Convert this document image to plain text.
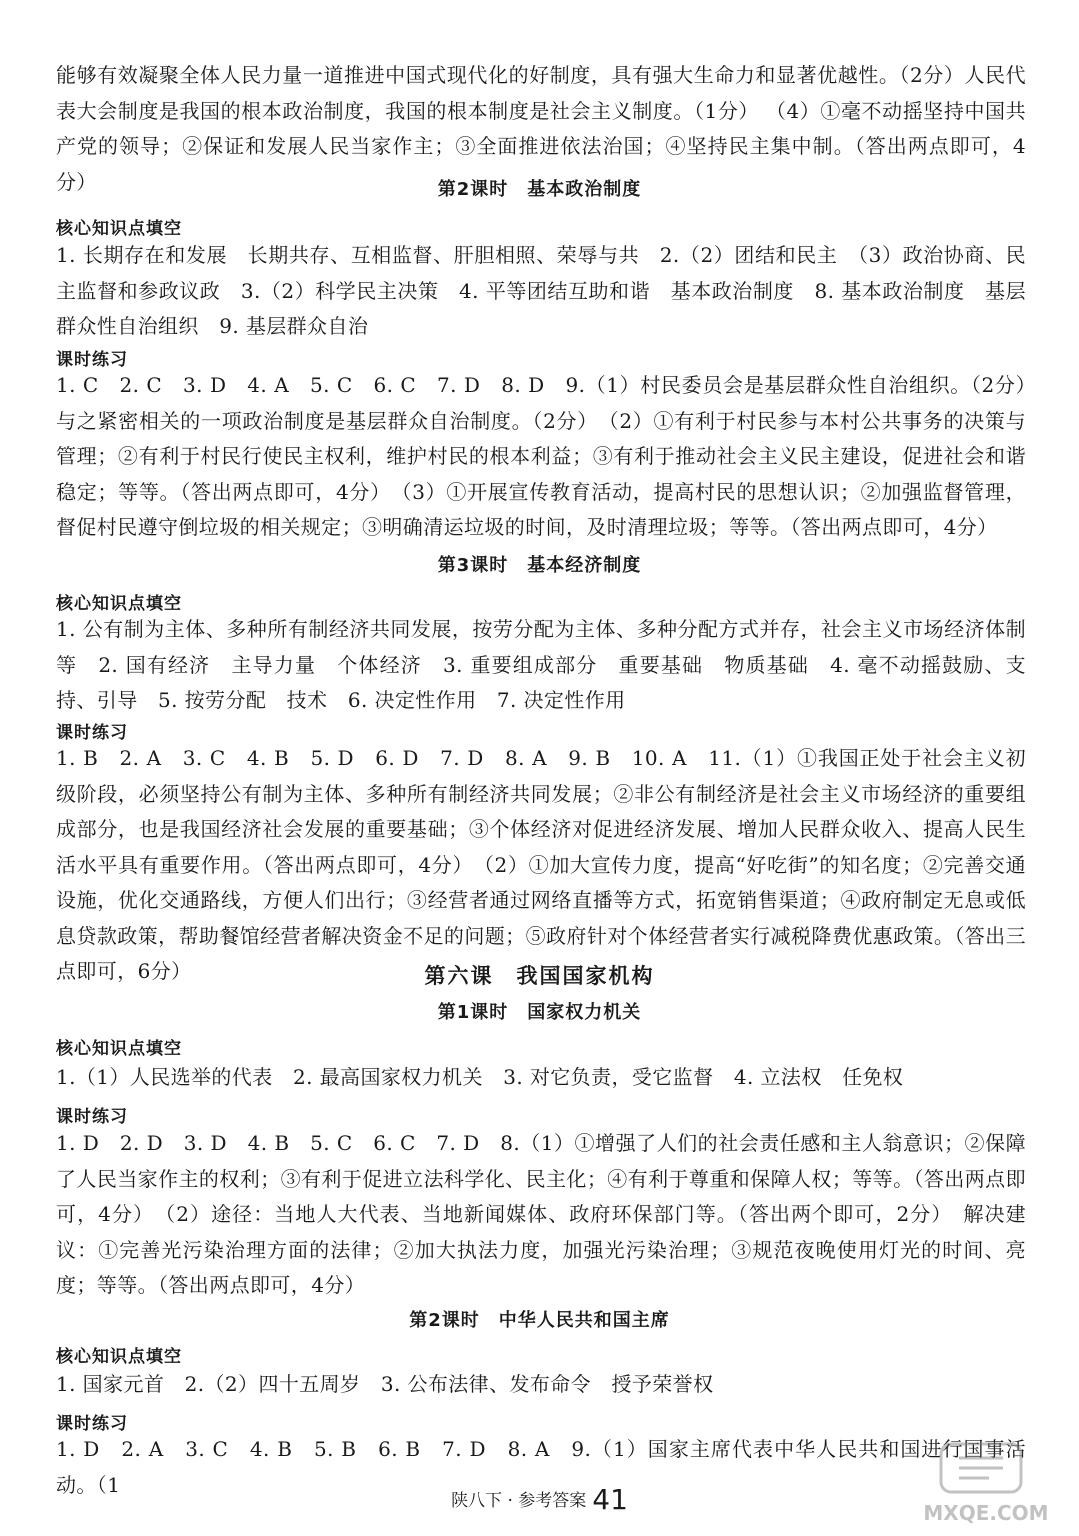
能够有效凝聚全体人民力量一道推进中国式现代化的好制度，具有强大生命力和显著优越性。（2分）人民代表大会制度是我国的根本政治制度，我国的根本制度是社会主义制度。（1分） （4）①毫不动摇坚持中国共产党的领导；②保证和发展人民当家作主；③全面推进依法治国；④坚持民主集中制。（答出两点即可，4分）	第2课时　基本政治制度
核心知识点填空

1. 长期存在和发展　长期共存、互相监督、肝胆相照、荣辱与共　2.（2）团结和民主　（3）政治协商、民主监督和参政议政　3.（2）科学民主决策　4. 平等团结互助和谐　基本政治制度　8. 基本政治制度　基层群众性自治组织　9. 基层群众自治

课时练习

1. C　2. C　3. D　4. A　5. C　6. C　7. D　8. D　9.（1）村民委员会是基层群众性自治组织。（2分）　与之紧密相关的一项政治制度是基层群众自治制度。（2分）　（2）①有利于村民参与本村公共事务的决策与管理；②有利于村民行使民主权利，维护村民的根本利益；③有利于推动社会主义民主建设，促进社会和谐稳定；等等。（答出两点即可，4分）　（3）①开展宣传教育活动，提高村民的思想认识；②加强监督管理，督促村民遵守倒垃圾的相关规定；③明确清运垃圾的时间，及时清理垃圾；等等。（答出两点即可，4分）

第3课时　基本经济制度
核心知识点填空

1. 公有制为主体、多种所有制经济共同发展，按劳分配为主体、多种分配方式并存，社会主义市场经济体制等　2. 国有经济　主导力量　个体经济　3. 重要组成部分　重要基础　物质基础　4. 毫不动摇鼓励、支持、引导　5. 按劳分配　技术　6. 决定性作用　7. 决定性作用

课时练习

1. B　2. A　3. C　4. B　5. D　6. D　7. D　8. A　9. B　10. A　11.（1）①我国正处于社会主义初级阶段，必须坚持公有制为主体、多种所有制经济共同发展；②非公有制经济是社会主义市场经济的重要组成部分，也是我国经济社会发展的重要基础；③个体经济对促进经济发展、增加人民群众收入、提高人民生活水平具有重要作用。（答出两点即可，4分）　（2）①加大宣传力度，提高“好吃街”的知名度；②完善交通设施，优化交通路线，方便人们出行；③经营者通过网络直播等方式，拓宽销售渠道；④政府制定无息或低息贷款政策，帮助餐馆经营者解决资金不足的问题；⑤政府针对个体经营者实行减税降费优惠政策。（答出三点即可，6分）	第六课　我国国家机构
第1课时　国家权力机关
核心知识点填空

1.（1）人民选举的代表　2. 最高国家权力机关　3. 对它负责，受它监督　4. 立法权　任免权

课时练习

1. D　2. D　3. D　4. B　5. C　6. C　7. D　8.（1）①增强了人们的社会责任感和主人翁意识；②保障了人民当家作主的权利；③有利于促进立法科学化、民主化；④有利于尊重和保障人权；等等。（答出两点即可，4分）　（2）途径：当地人大代表、当地新闻媒体、政府环保部门等。（答出两个即可，2分）　解决建议：①完善光污染治理方面的法律；②加大执法力度，加强光污染治理；③规范夜晚使用灯光的时间、亮度；等等。（答出两点即可，4分）

第2课时　中华人民共和国主席
核心知识点填空

1. 国家元首　2.（2）四十五周岁　3. 公布法律、发布命令　授予荣誉权

课时练习

1. D　2. A　3. C　4. B　5. B　6. B　7. D　8. A　9.（1）国家主席代表中华人民共和国进行国事活动。（1

陕八下 · 参考答案 41	MXQE.COM
